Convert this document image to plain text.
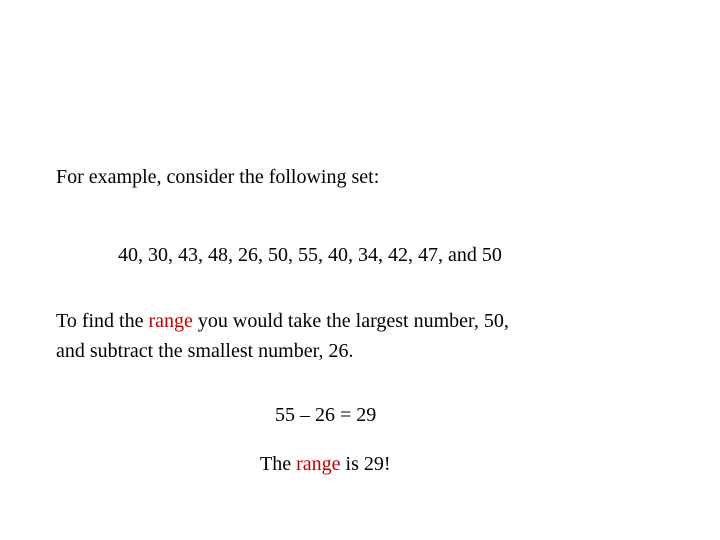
For example, consider the following set:
40, 30, 43, 48, 26, 50, 55, 40, 34, 42, 47, and 50
To find the range you would take the largest number, 50,
and subtract the smallest number, 26.
55 – 26 = 29
The range is 29!
